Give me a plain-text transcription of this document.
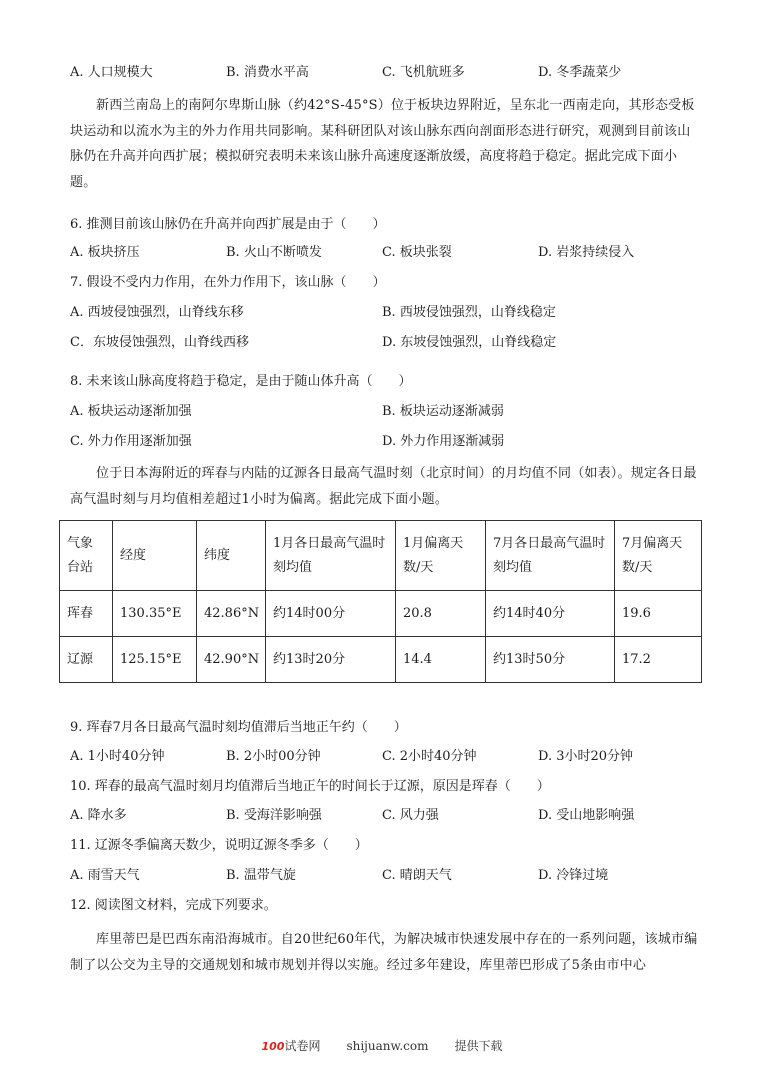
A. 人口规模大	B. 消费水平高	C. 飞机航班多	D. 冬季蔬菜少
新西兰南岛上的南阿尔卑斯山脉（约42°S-45°S）位于板块边界附近，呈东北一西南走向，其形态受板块运动和以流水为主的外力作用共同影响。某科研团队对该山脉东西向剖面形态进行研究，观测到目前该山脉仍在升高并向西扩展；模拟研究表明未来该山脉升高速度逐渐放缓，高度将趋于稳定。据此完成下面小题。
6. 推测目前该山脉仍在升高并向西扩展是由于（　　）
A. 板块挤压	B. 火山不断喷发	C. 板块张裂	D. 岩浆持续侵入
7. 假设不受内力作用，在外力作用下，该山脉（　　）
A. 西坡侵蚀强烈，山脊线东移	B. 西坡侵蚀强烈，山脊线稳定
C．东坡侵蚀强烈，山脊线西移	D. 东坡侵蚀强烈，山脊线稳定
8. 未来该山脉高度将趋于稳定，是由于随山体升高（　　）
A. 板块运动逐渐加强	B. 板块运动逐渐减弱
C. 外力作用逐渐加强	D. 外力作用逐渐减弱
位于日本海附近的珲春与内陆的辽源各日最高气温时刻（北京时间）的月均值不同（如表）。规定各日最高气温时刻与月均值相差超过1小时为偏离。据此完成下面小题。
气象台站	经度	纬度	1月各日最高气温时刻均值	1月偏离天数/天	7月各日最高气温时刻均值	7月偏离天数/天
珲春	130.35°E	42.86°N	约14时00分	20.8	约14时40分	19.6
辽源	125.15°E	42.90°N	约13时20分	14.4	约13时50分	17.2
9. 珲春7月各日最高气温时刻均值滞后当地正午约（　　）
A. 1小时40分钟	B. 2小时00分钟	C. 2小时40分钟	D. 3小时20分钟
10. 珲春的最高气温时刻月均值滞后当地正午的时间长于辽源，原因是珲春（　　）
A. 降水多	B. 受海洋影响强	C. 风力强	D. 受山地影响强
11. 辽源冬季偏离天数少，说明辽源冬季多（　　）
A. 雨雪天气	B. 温带气旋	C. 晴朗天气	D. 冷锋过境
12. 阅读图文材料，完成下列要求。
库里蒂巴是巴西东南沿海城市。自20世纪60年代，为解决城市快速发展中存在的一系列问题，该城市编制了以公交为主导的交通规划和城市规划并得以实施。经过多年建设，库里蒂巴形成了5条由市中心
100试卷网 shijuanw.com 提供下载
